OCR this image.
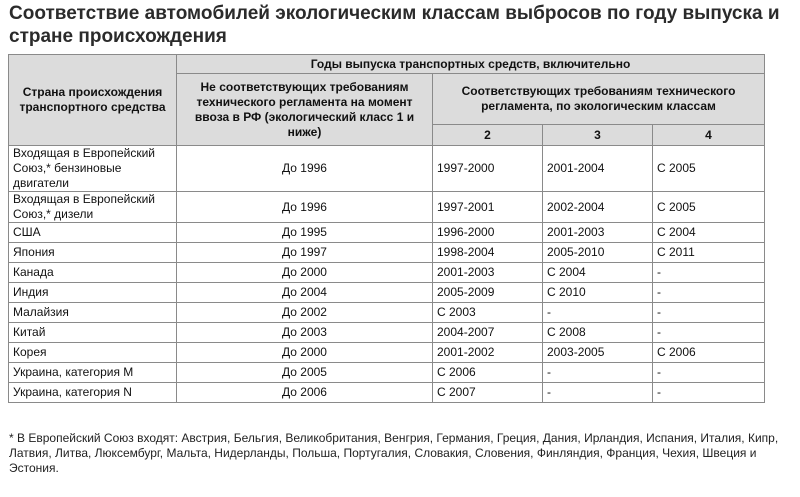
Соответствие автомобилей экологическим классам выбросов по году выпуска и стране происхождения
Страна происхождения транспортного средства	Годы выпуска транспортных средств, включительно			
	Не соответствующих требованиям технического регламента на момент ввоза в РФ (экологический класс 1 и ниже)	Соответствующих требованиям технического регламента, по экологическим классам		
		2	3	4
Входящая в Европейский Союз,* бензиновые двигатели	До 1996	1997-2000	2001-2004	С 2005
Входящая в Европейский Союз,* дизели	До 1996	1997-2001	2002-2004	С 2005
США	До 1995	1996-2000	2001-2003	С 2004
Япония	До 1997	1998-2004	2005-2010	С 2011
Канада	До 2000	2001-2003	С 2004	-
Индия	До 2004	2005-2009	С 2010	-
Малайзия	До 2002	С 2003	-	-
Китай	До 2003	2004-2007	С 2008	-
Корея	До 2000	2001-2002	2003-2005	С 2006
Украина, категория M	До 2005	С 2006	-	-
Украина, категория N	До 2006	С 2007	-	-
* В Европейский Союз входят: Австрия, Бельгия, Великобритания, Венгрия, Германия, Греция, Дания, Ирландия, Испания, Италия, Кипр, Латвия, Литва, Люксембург, Мальта, Нидерланды, Польша, Португалия, Словакия, Словения, Финляндия, Франция, Чехия, Швеция и Эстония.
